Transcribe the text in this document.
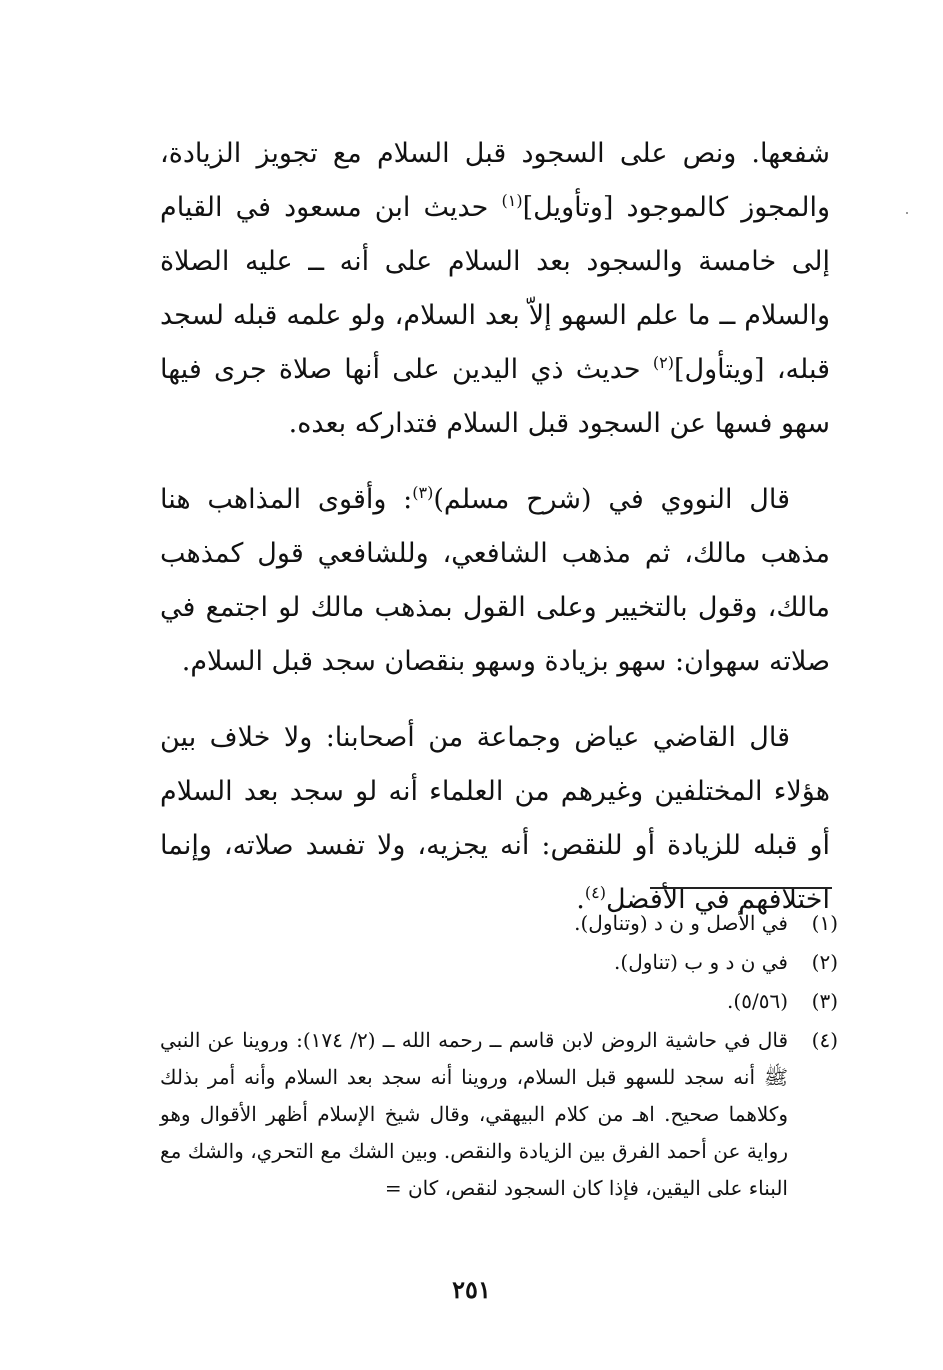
شفعها. ونص على السجود قبل السلام مع تجويز الزيادة، والمجوز كالموجود [وتأويل]$^{(١)}$ حديث ابن مسعود في القيام إلى خامسة والسجود بعد السلام على أنه ــ عليه الصلاة والسلام ــ ما علم السهو إلاّ بعد السلام، ولو علمه قبله لسجد قبله، [ويتأول]$^{(٢)}$ حديث ذي اليدين على أنها صلاة جرى فيها سهو فسها عن السجود قبل السلام فتداركه بعده.

قال النووي في (شرح مسلم)$^{(٣)}$: وأقوى المذاهب هنا مذهب مالك، ثم مذهب الشافعي، وللشافعي قول كمذهب مالك، وقول بالتخيير وعلى القول بمذهب مالك لو اجتمع في صلاته سهوان: سهو بزيادة وسهو بنقصان سجد قبل السلام.

قال القاضي عياض وجماعة من أصحابنا: ولا خلاف بين هؤلاء المختلفين وغيرهم من العلماء أنه لو سجد بعد السلام أو قبله للزيادة أو للنقص: أنه يجزيه، ولا تفسد صلاته، وإنما اختلافهم في الأفضل$^{(٤)}$.

(١)
في الأصل و ن د (وتناول).
(٢)
في ن د و ب (تناول).
(٣)
(٥/٥٦).
(٤)
قال في حاشية الروض لابن قاسم ــ رحمه الله ــ (٢/ ١٧٤): وروينا عن النبي ﷺ أنه سجد للسهو قبل السلام، وروينا أنه سجد بعد السلام وأنه أمر بذلك وكلاهما صحيح. اهـ من كلام البيهقي، وقال شيخ الإسلام أظهر الأقوال وهو رواية عن أحمد الفرق بين الزيادة والنقص. وبين الشك مع التحري، والشك مع البناء على اليقين، فإذا كان السجود لنقص، كان =
٢٥١
